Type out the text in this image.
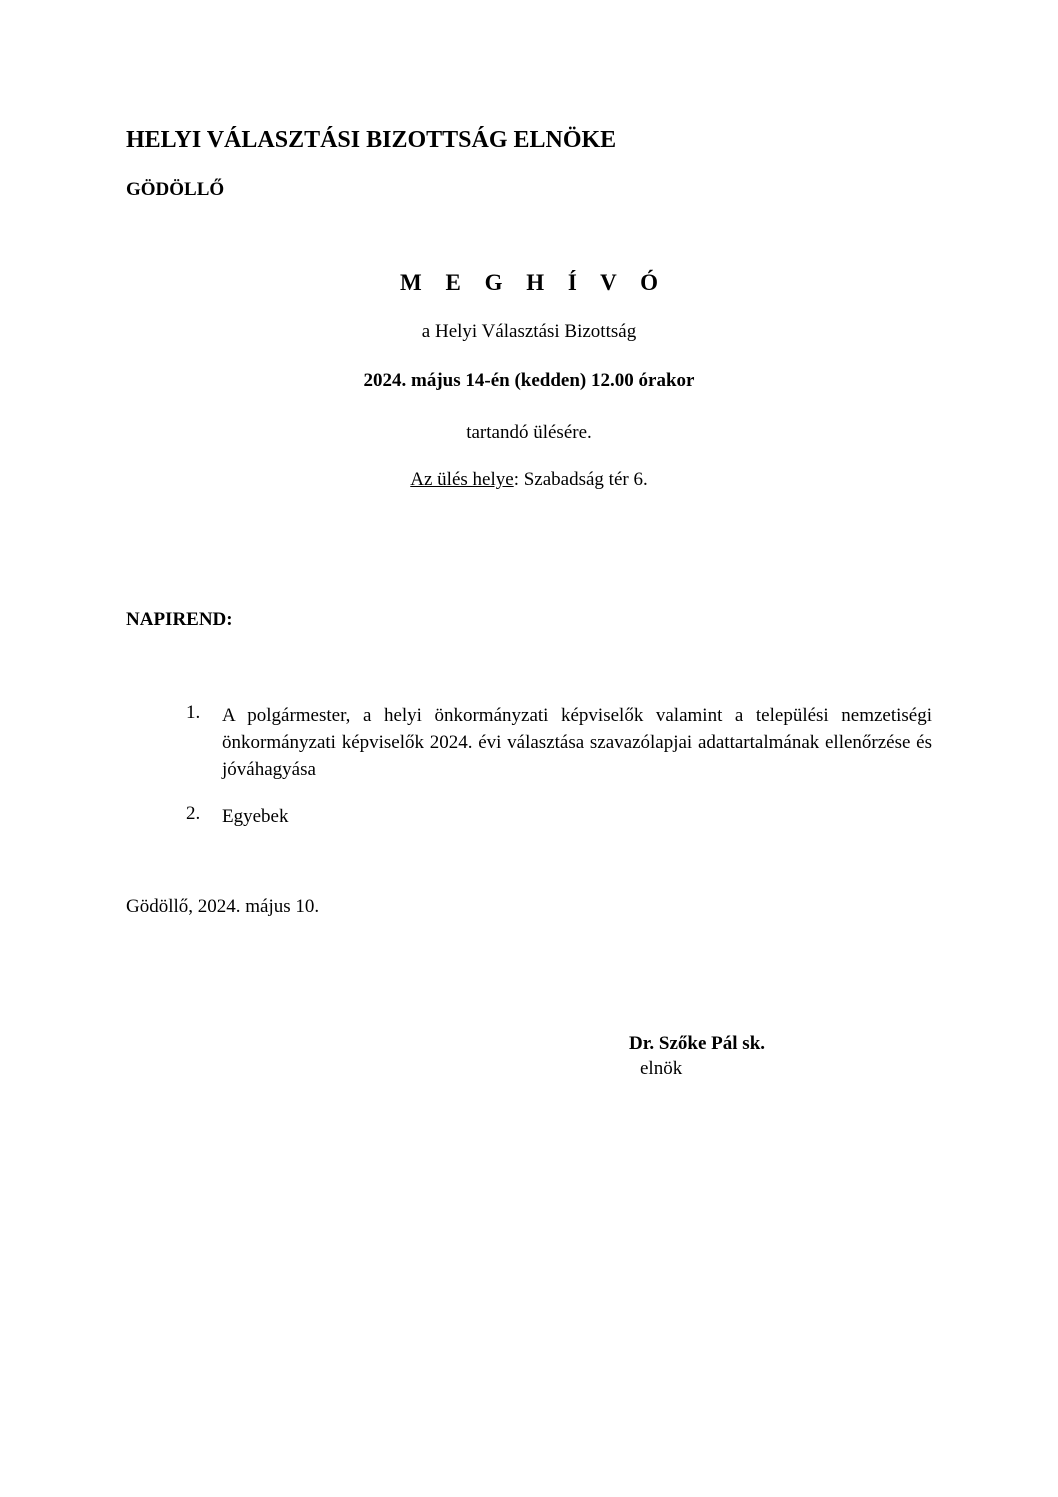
HELYI VÁLASZTÁSI BIZOTTSÁG ELNÖKE
GÖDÖLLŐ
M E G H Í V Ó
a Helyi Választási Bizottság
2024. május 14-én (kedden) 12.00 órakor
tartandó ülésére.
Az ülés helye: Szabadság tér 6.
NAPIREND:
1.	A polgármester, a helyi önkormányzati képviselők valamint a települési nemzetiségi önkormányzati képviselők 2024. évi választása szavazólapjai adattartalmának ellenőrzése és jóváhagyása
2.	Egyebek
Gödöllő, 2024. május 10.
Dr. Szőke Pál sk.
elnök
